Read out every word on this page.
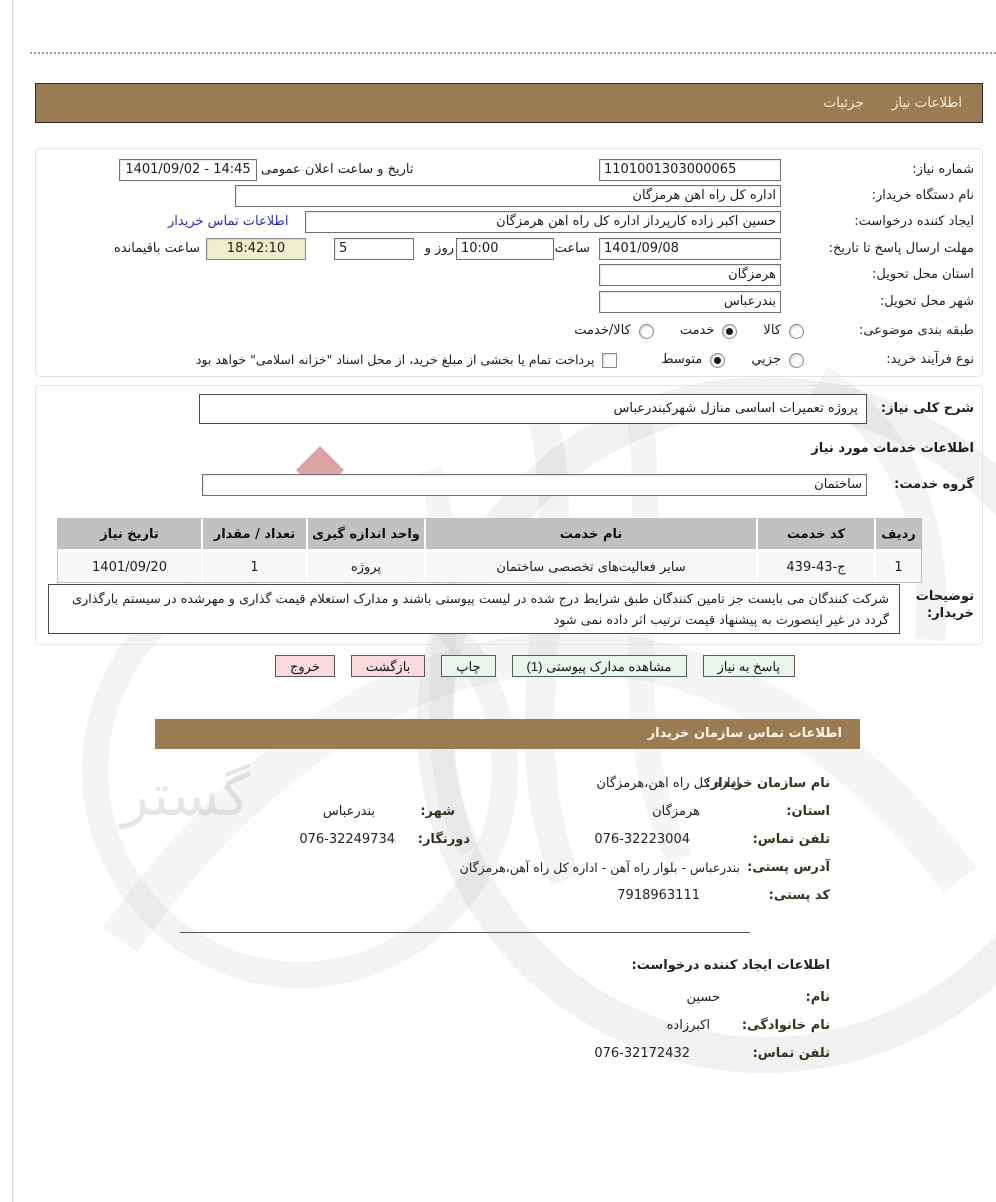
گستر
اطلاعات نیاز
جزئیات
شماره نیاز:
1101001303000065
تاریخ و ساعت اعلان عمومی
1401/09/02 - 14:45
نام دستگاه خریدار:
اداره کل راه اهن هرمزگان
ایجاد کننده درخواست:
حسین اکبر زاده کارپرداز اداره کل راه اهن هرمزگان
اطلاعات تماس خریدار
مهلت ارسال پاسخ تا تاریخ:
1401/09/08
ساعت
10:00
روز و
5
18:42:10
ساعت باقیمانده
استان محل تحویل:
هرمزگان
شهر محل تحویل:
بندرعباس
طبقه بندی موضوعی:
کالا
خدمت
کالا/خدمت
نوع فرآیند خرید:
جزیي
متوسط
پرداخت تمام یا بخشی از مبلغ خرید، از محل اسناد "خزانه اسلامی" خواهد بود
شرح کلی نیاز:
پروژه تعمیرات اساسی منازل شهرکبندرعباس
اطلاعات خدمات مورد نیاز
گروه خدمت:
ساختمان
ردیف	کد خدمت	نام خدمت	واحد اندازه گیری	تعداد / مقدار	تاریخ نیاز
1	ج-43-439	سایر فعالیت‌های تخصصی ساختمان	پروژه	1	1401/09/20
توضیحات
خریدار:
شرکت کنندگان می بایست جز تامین کنندگان طبق شرایط درج شده در لیست پیوستی باشند و مدارک استعلام قیمت گذاری و مهرشده در سیستم بارگذاری گردد در غیر اینصورت به پیشنهاد قیمت ترتیب اثر داده نمی شود
پاسخ به نیاز
مشاهده مدارک پیوستی (1)
چاپ
بازگشت
خروج
اطلاعات تماس سازمان خریدار
نام سازمان خریدار:
اداره کل راه اهن،هرمزگان
استان:
هرمزگان
شهر:
بندرعباس
تلفن تماس:
076-32223004
دورنگار:
076-32249734
آدرس پستی:
بندرعباس - بلوار راه آهن - اداره کل راه آهن،هرمزگان
کد پستی:
7918963111
اطلاعات ایجاد کننده درخواست:
نام:
حسین
نام خانوادگی:
اکبرزاده
تلفن تماس:
076-32172432
